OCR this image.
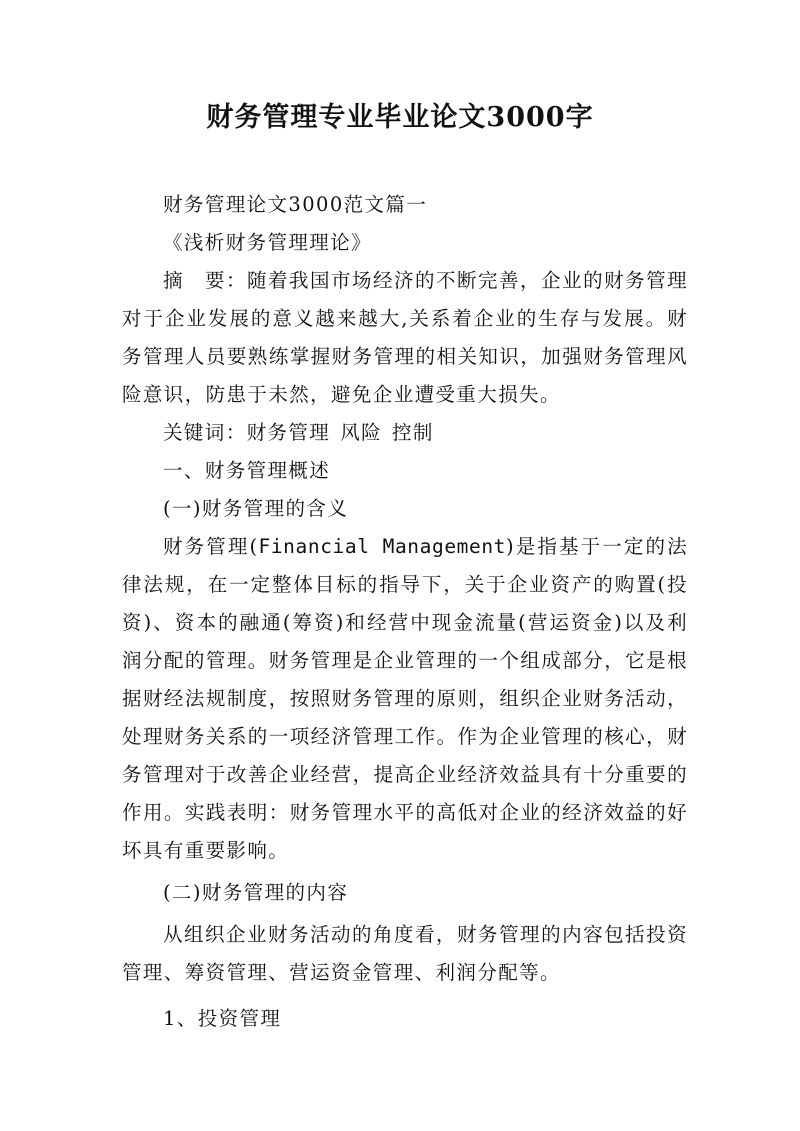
财务管理专业毕业论文3000字

财务管理论文3000范文篇一

《浅析财务管理理论》

摘　要：随着我国市场经济的不断完善，企业的财务管理对于企业发展的意义越来越大,关系着企业的生存与发展。财务管理人员要熟练掌握财务管理的相关知识，加强财务管理风险意识，防患于未然，避免企业遭受重大损失。

关键词：财务管理 风险 控制

一、财务管理概述

(一)财务管理的含义

财务管理(Financial Management)是指基于一定的法律法规，在一定整体目标的指导下，关于企业资产的购置(投资)、资本的融通(筹资)和经营中现金流量(营运资金)以及利润分配的管理。财务管理是企业管理的一个组成部分，它是根据财经法规制度，按照财务管理的原则，组织企业财务活动，处理财务关系的一项经济管理工作。作为企业管理的核心，财务管理对于改善企业经营，提高企业经济效益具有十分重要的作用。实践表明：财务管理水平的高低对企业的经济效益的好坏具有重要影响。

(二)财务管理的内容

从组织企业财务活动的角度看，财务管理的内容包括投资管理、筹资管理、营运资金管理、利润分配等。

1、投资管理
